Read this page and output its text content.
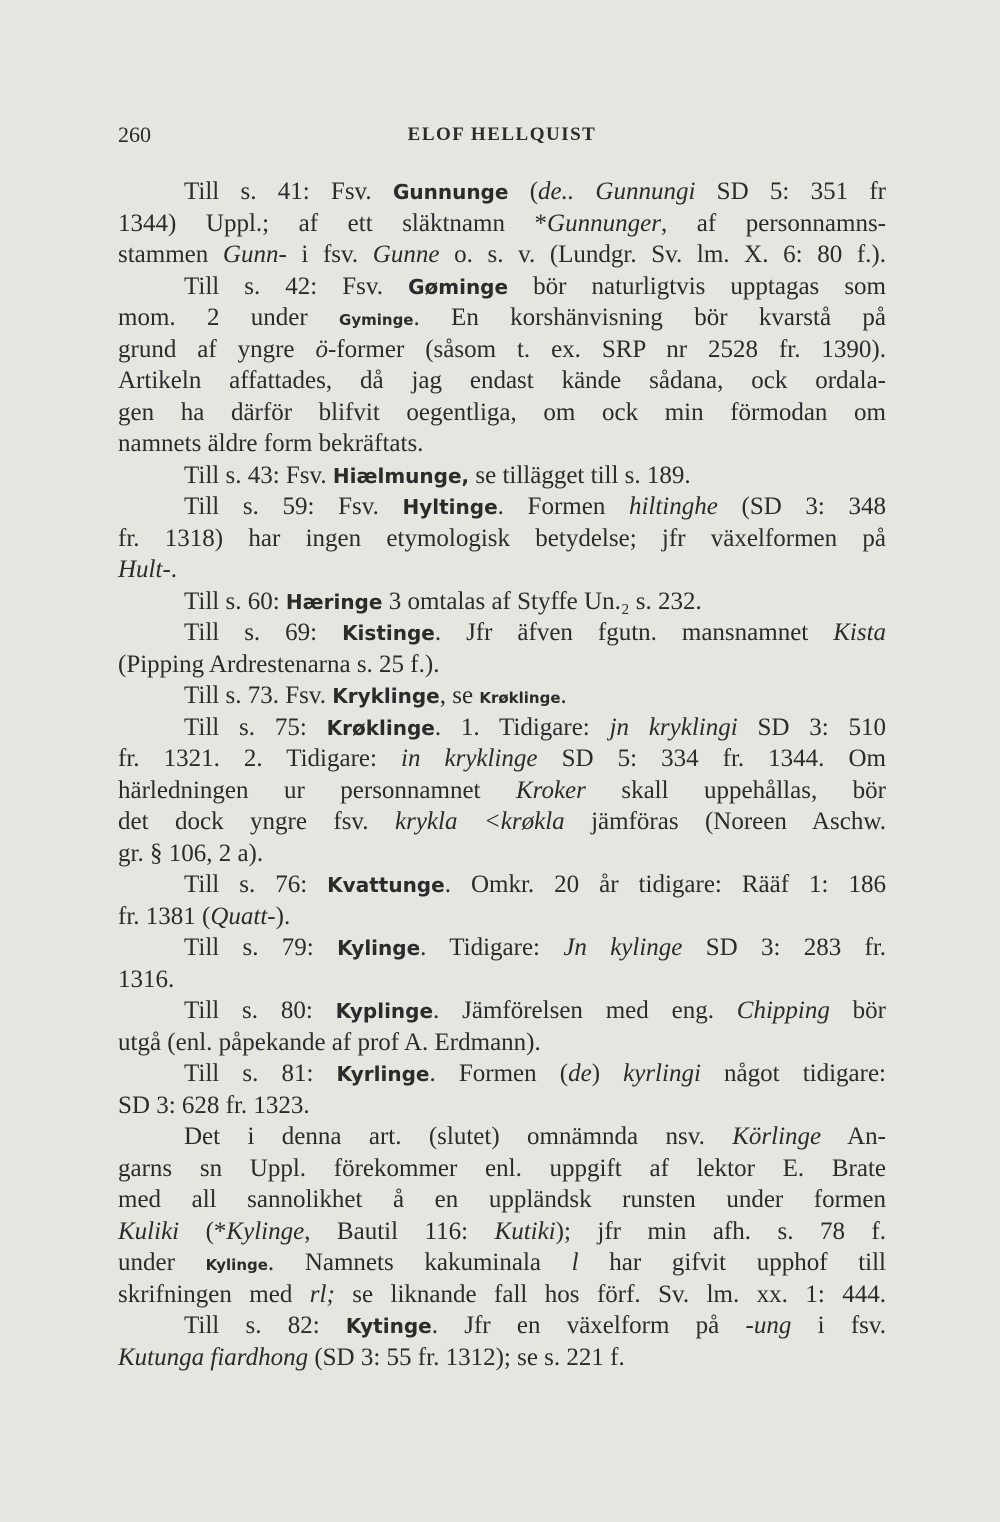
260	ELOF HELLQUIST
Till s. 41: Fsv. Gunnunge (de.. Gunnungi SD 5: 351 fr
1344) Uppl.; af ett släktnamn *Gunnunger, af personnamns-
stammen Gunn- i fsv. Gunne o. s. v. (Lundgr. Sv. lm. X. 6: 80 f.).
Till s. 42: Fsv. Gøminge bör naturligtvis upptagas som
mom. 2 under Gyminge. En korshänvisning bör kvarstå på
grund af yngre ö-former (såsom t. ex. SRP nr 2528 fr. 1390).
Artikeln affattades, då jag endast kände sådana, ock ordala-
gen ha därför blifvit oegentliga, om ock min förmodan om
namnets äldre form bekräftats.
Till s. 43: Fsv. Hiælmunge, se tillägget till s. 189.
Till s. 59: Fsv. Hyltinge. Formen hiltinghe (SD 3: 348
fr. 1318) har ingen etymologisk betydelse; jfr växelformen på
Hult-.
Till s. 60: Hæringe 3 omtalas af Styffe Un.₂ s. 232.
Till s. 69: Kistinge. Jfr äfven fgutn. mansnamnet Kista
(Pipping Ardrestenarna s. 25 f.).
Till s. 73. Fsv. Kryklinge, se Krøklinge.
Till s. 75: Krøklinge. 1. Tidigare: jn kryklingi SD 3: 510
fr. 1321. 2. Tidigare: in kryklinge SD 5: 334 fr. 1344. Om
härledningen ur personnamnet Kroker skall uppehållas, bör
det dock yngre fsv. krykla <krøkla jämföras (Noreen Aschw.
gr. § 106, 2 a).
Till s. 76: Kvattunge. Omkr. 20 år tidigare: Rääf 1: 186
fr. 1381 (Quatt-).
Till s. 79: Kylinge. Tidigare: Jn kylinge SD 3: 283 fr.
1316.
Till s. 80: Kyplinge. Jämförelsen med eng. Chipping bör
utgå (enl. påpekande af prof A. Erdmann).
Till s. 81: Kyrlinge. Formen (de) kyrlingi något tidigare:
SD 3: 628 fr. 1323.
Det i denna art. (slutet) omnämnda nsv. Körlinge An-
garns sn Uppl. förekommer enl. uppgift af lektor E. Brate
med all sannolikhet å en uppländsk runsten under formen
Kuliki (*Kylinge, Bautil 116: Kutiki); jfr min afh. s. 78 f.
under Kylinge. Namnets kakuminala l har gifvit upphof till
skrifningen med rl; se liknande fall hos förf. Sv. lm. xx. 1: 444.
Till s. 82: Kytinge. Jfr en växelform på -ung i fsv.
Kutunga fiardhong (SD 3: 55 fr. 1312); se s. 221 f.
